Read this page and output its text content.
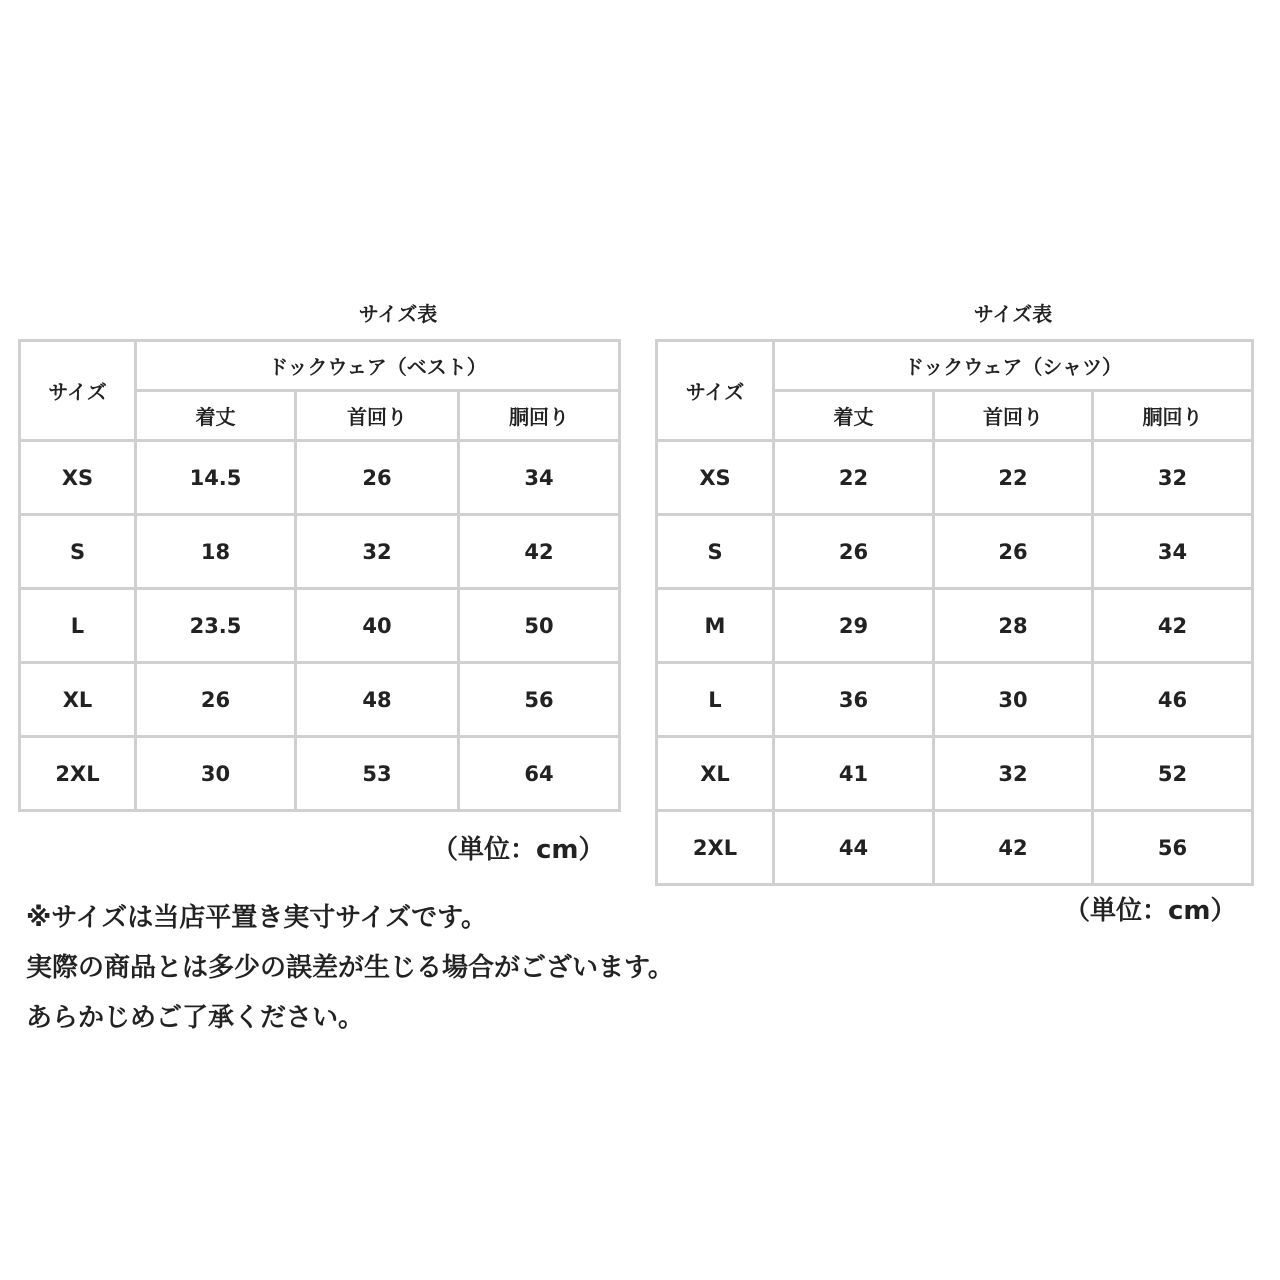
サイズ表
サイズ	ドックウェア（ベスト）		
	着丈	首回り	胴回り
XS	14.5	26	34
S	18	32	42
L	23.5	40	50
XL	26	48	56
2XL	30	53	64
（単位：cm）
サイズ表
サイズ	ドックウェア（シャツ）		
	着丈	首回り	胴回り
XS	22	22	32
S	26	26	34
M	29	28	42
L	36	30	46
XL	41	32	52
2XL	44	42	56
（単位：cm）
※サイズは当店平置き実寸サイズです。
実際の商品とは多少の誤差が生じる場合がございます。
あらかじめご了承ください。
